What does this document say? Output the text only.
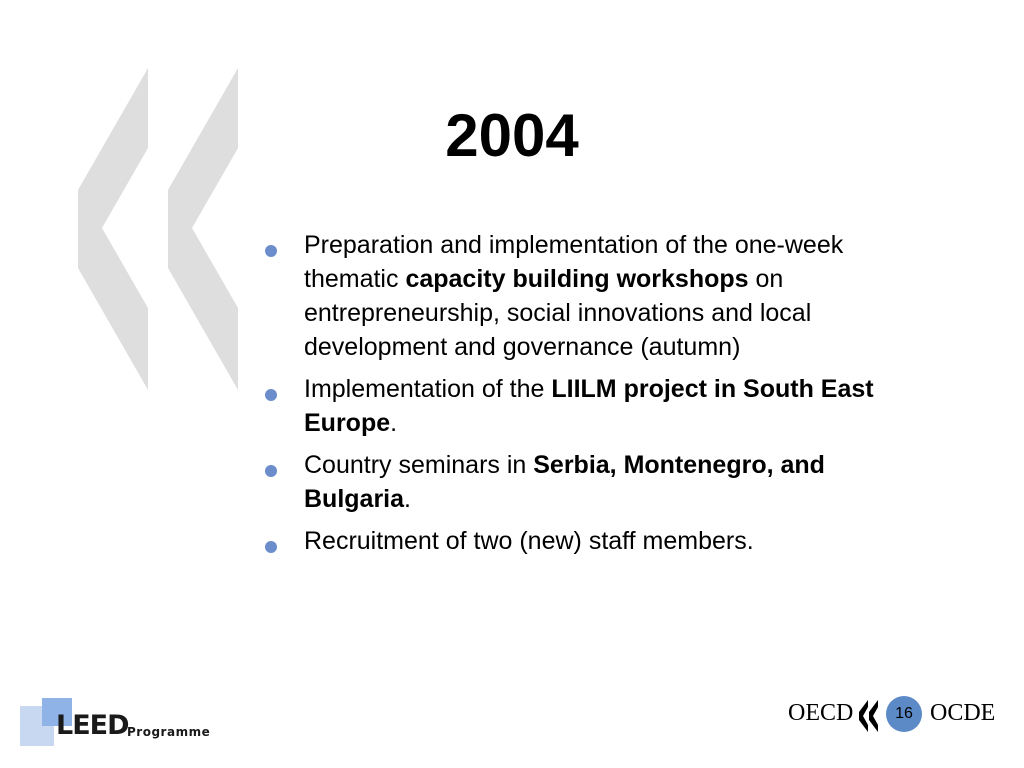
2004
Preparation and implementation of the one-week thematic capacity building workshops on entrepreneurship, social innovations and local development and governance (autumn)
Implementation of the LIILM project in South East Europe.
Country seminars in Serbia, Montenegro, and Bulgaria.
Recruitment of two (new) staff members.
LEED
Programme
OECD	16 OCDE
